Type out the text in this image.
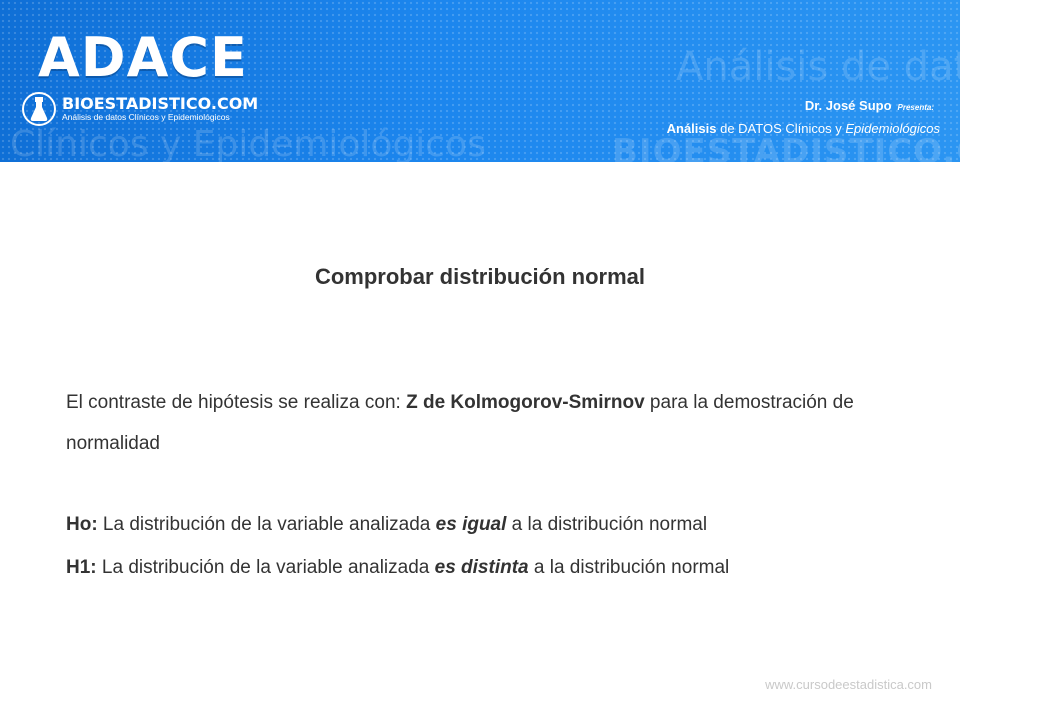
Análisis de datos
Clínicos y Epidemiológicos	BIOESTADISTICO.COM
ADACE
BIOESTADISTICO.COM
Análisis de datos Clínicos y Epidemiológicos
Dr. José Supo Presenta:
Análisis de DATOS Clínicos y Epidemiológicos
Comprobar distribución normal
El contraste de hipótesis se realiza con: Z de Kolmogorov-Smirnov para la demostración de normalidad
Ho: La distribución de la variable analizada es igual a la distribución normal
H1: La distribución de la variable analizada es distinta a la distribución normal
www.cursodeestadistica.com
